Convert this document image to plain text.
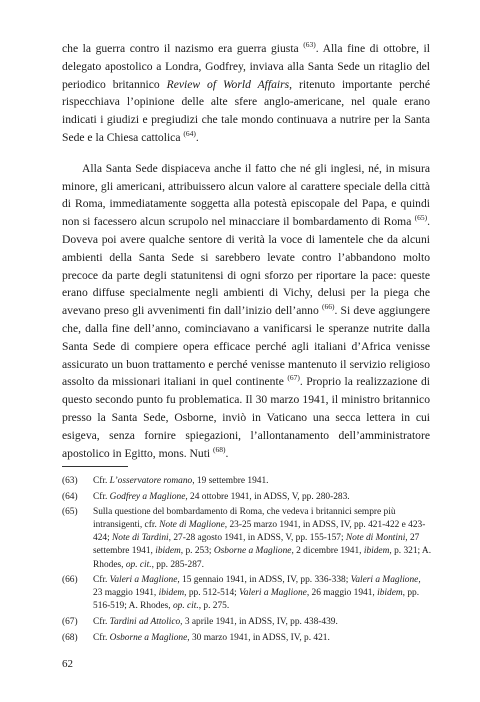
che la guerra contro il nazismo era guerra giusta $^{(63)}$. Alla fine di ottobre, il delegato apostolico a Londra, Godfrey, inviava alla Santa Sede un ritaglio del periodico britannico Review of World Affairs, ritenuto importante perché rispecchiava l’opinione delle alte sfere anglo-americane, nel quale erano indicati i giudizi e pregiudizi che tale mondo continuava a nutrire per la Santa Sede e la Chiesa cattolica $^{(64)}$.

Alla Santa Sede dispiaceva anche il fatto che né gli inglesi, né, in misura minore, gli americani, attribuissero alcun valore al carattere speciale della città di Roma, immediatamente soggetta alla potestà episcopale del Papa, e quindi non si facessero alcun scrupolo nel minacciare il bombardamento di Roma $^{(65)}$. Doveva poi avere qualche sentore di verità la voce di lamentele che da alcuni ambienti della Santa Sede si sarebbero levate contro l’abbandono molto precoce da parte degli statunitensi di ogni sforzo per riportare la pace: queste erano diffuse specialmente negli ambienti di Vichy, delusi per la piega che avevano preso gli avvenimenti fin dall’inizio dell’anno $^{(66)}$. Si deve aggiungere che, dalla fine dell’anno, cominciavano a vanificarsi le speranze nutrite dalla Santa Sede di compiere opera efficace perché agli italiani d’Africa venisse assicurato un buon trattamento e perché venisse mantenuto il servizio religioso assolto da missionari italiani in quel continente $^{(67)}$. Proprio la realizzazione di questo secondo punto fu problematica. Il 30 marzo 1941, il ministro britannico presso la Santa Sede, Osborne, inviò in Vaticano una secca lettera in cui esigeva, senza fornire spiegazioni, l’allontanamento dell’amministratore apostolico in Egitto, mons. Nuti $^{(68)}$.

(63)	Cfr. L’osservatore romano, 19 settembre 1941.
(64)	Cfr. Godfrey a Maglione, 24 ottobre 1941, in ADSS, V, pp. 280-283.
(65)	Sulla questione del bombardamento di Roma, che vedeva i britannici sempre più intransigenti, cfr. Note di Maglione, 23-25 marzo 1941, in ADSS, IV, pp. 421-422 e 423-424; Note di Tardini, 27-28 agosto 1941, in ADSS, V, pp. 155-157; Note di Montini, 27 settembre 1941, ibidem, p. 253; Osborne a Maglione, 2 dicembre 1941, ibidem, p. 321; A. Rhodes, op. cit., pp. 285-287.
(66)	Cfr. Valeri a Maglione, 15 gennaio 1941, in ADSS, IV, pp. 336-338; Valeri a Maglione, 23 maggio 1941, ibidem, pp. 512-514; Valeri a Maglione, 26 maggio 1941, ibidem, pp. 516-519; A. Rhodes, op. cit., p. 275.
(67)	Cfr. Tardini ad Attolico, 3 aprile 1941, in ADSS, IV, pp. 438-439.
(68)	Cfr. Osborne a Maglione, 30 marzo 1941, in ADSS, IV, p. 421.
62
